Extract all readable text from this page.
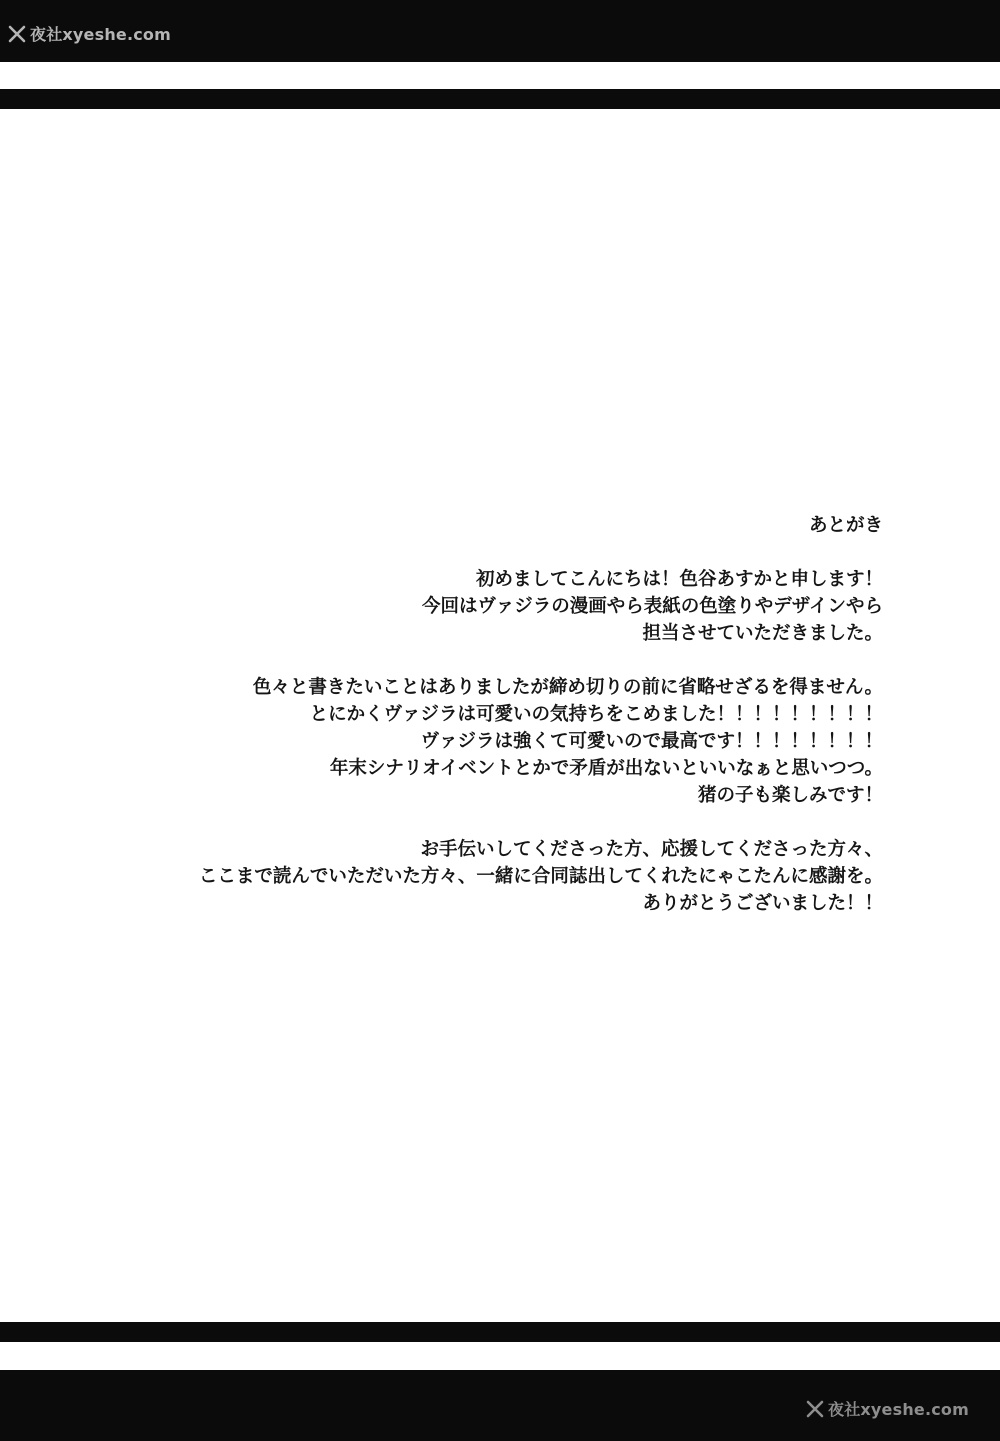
夜社xyeshe.com

あとがき

初めましてこんにちは！色谷あすかと申します！

今回はヴァジラの漫画やら表紙の色塗りやデザインやら

担当させていただきました。

色々と書きたいことはありましたが締め切りの前に省略せざるを得ません。

とにかくヴァジラは可愛いの気持ちをこめました！！！！！！！！！

ヴァジラは強くて可愛いので最高です！！！！！！！！

年末シナリオイベントとかで矛盾が出ないといいなぁと思いつつ。

猪の子も楽しみです！

お手伝いしてくださった方、応援してくださった方々、

ここまで読んでいただいた方々、一緒に合同誌出してくれたにゃこたんに感謝を。

ありがとうございました！！

夜社xyeshe.com
